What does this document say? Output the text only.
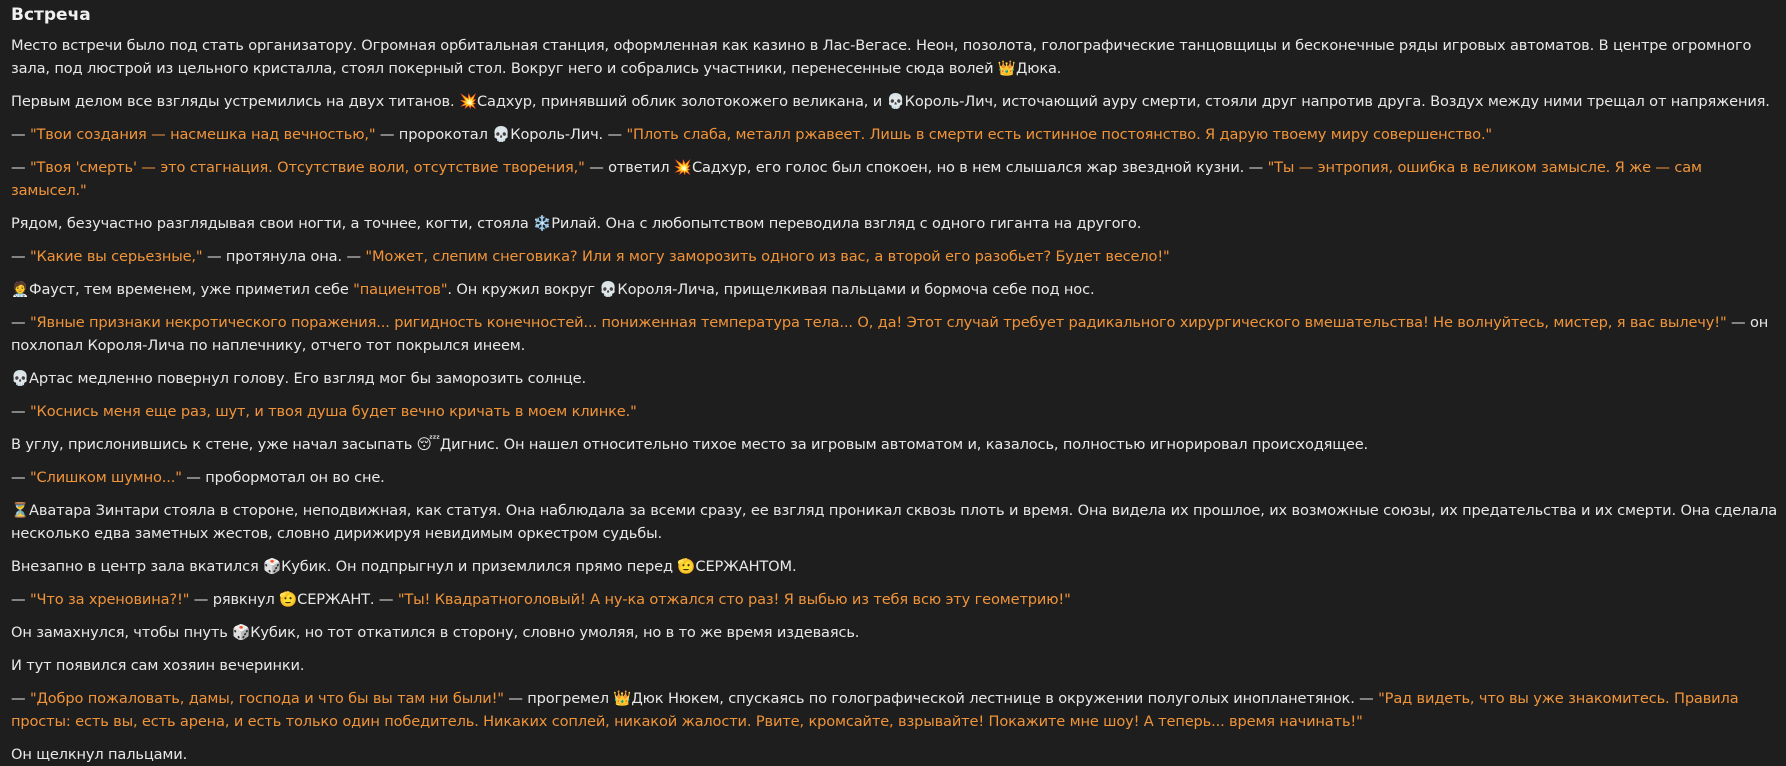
Встреча

Место встречи было под стать организатору. Огромная орбитальная станция, оформленная как казино в Лас-Вегасе. Неон, позолота, голографические танцовщицы и бесконечные ряды игровых автоматов. В центре огромного зала, под люстрой из цельного кристалла, стоял покерный стол. Вокруг него и собрались участники, перенесенные сюда волей 👑Дюка.

Первым делом все взгляды устремились на двух титанов. 💥Садхур, принявший облик золотокожего великана, и 💀Король-Лич, источающий ауру смерти, стояли друг напротив друга. Воздух между ними трещал от напряжения.

— "Твои создания — насмешка над вечностью," — пророкотал 💀Король-Лич. — "Плоть слаба, металл ржавеет. Лишь в смерти есть истинное постоянство. Я дарую твоему миру совершенство."

— "Твоя 'смерть' — это стагнация. Отсутствие воли, отсутствие творения," — ответил 💥Садхур, его голос был спокоен, но в нем слышался жар звездной кузни. — "Ты — энтропия, ошибка в великом замысле. Я же — сам замысел."

Рядом, безучастно разглядывая свои ногти, а точнее, когти, стояла ❄️Рилай. Она с любопытством переводила взгляд с одного гиганта на другого.

— "Какие вы серьезные," — протянула она. — "Может, слепим снеговика? Или я могу заморозить одного из вас, а второй его разобьет? Будет весело!"

🧑‍⚕️Фауст, тем временем, уже приметил себе "пациентов". Он кружил вокруг 💀Короля-Лича, прищелкивая пальцами и бормоча себе под нос.

— "Явные признаки некротического поражения... ригидность конечностей... пониженная температура тела... О, да! Этот случай требует радикального хирургического вмешательства! Не волнуйтесь, мистер, я вас вылечу!" — он похлопал Короля-Лича по наплечнику, отчего тот покрылся инеем.

💀Артас медленно повернул голову. Его взгляд мог бы заморозить солнце.

— "Коснись меня еще раз, шут, и твоя душа будет вечно кричать в моем клинке."

В углу, прислонившись к стене, уже начал засыпать 😴Дигнис. Он нашел относительно тихое место за игровым автоматом и, казалось, полностью игнорировал происходящее.

— "Слишком шумно..." — пробормотал он во сне.

⏳Аватара Зинтари стояла в стороне, неподвижная, как статуя. Она наблюдала за всеми сразу, ее взгляд проникал сквозь плоть и время. Она видела их прошлое, их возможные союзы, их предательства и их смерти. Она сделала несколько едва заметных жестов, словно дирижируя невидимым оркестром судьбы.

Внезапно в центр зала вкатился 🎲Кубик. Он подпрыгнул и приземлился прямо перед 🫡СЕРЖАНТОМ.

— "Что за хреновина?!" — рявкнул 🫡СЕРЖАНТ. — "Ты! Квадратноголовый! А ну-ка отжался сто раз! Я выбью из тебя всю эту геометрию!"

Он замахнулся, чтобы пнуть 🎲Кубик, но тот откатился в сторону, словно умоляя, но в то же время издеваясь.

И тут появился сам хозяин вечеринки.

— "Добро пожаловать, дамы, господа и что бы вы там ни были!" — прогремел 👑Дюк Нюкем, спускаясь по голографической лестнице в окружении полуголых инопланетянок. — "Рад видеть, что вы уже знакомитесь. Правила просты: есть вы, есть арена, и есть только один победитель. Никаких соплей, никакой жалости. Рвите, кромсайте, взрывайте! Покажите мне шоу! А теперь... время начинать!"

Он щелкнул пальцами.
